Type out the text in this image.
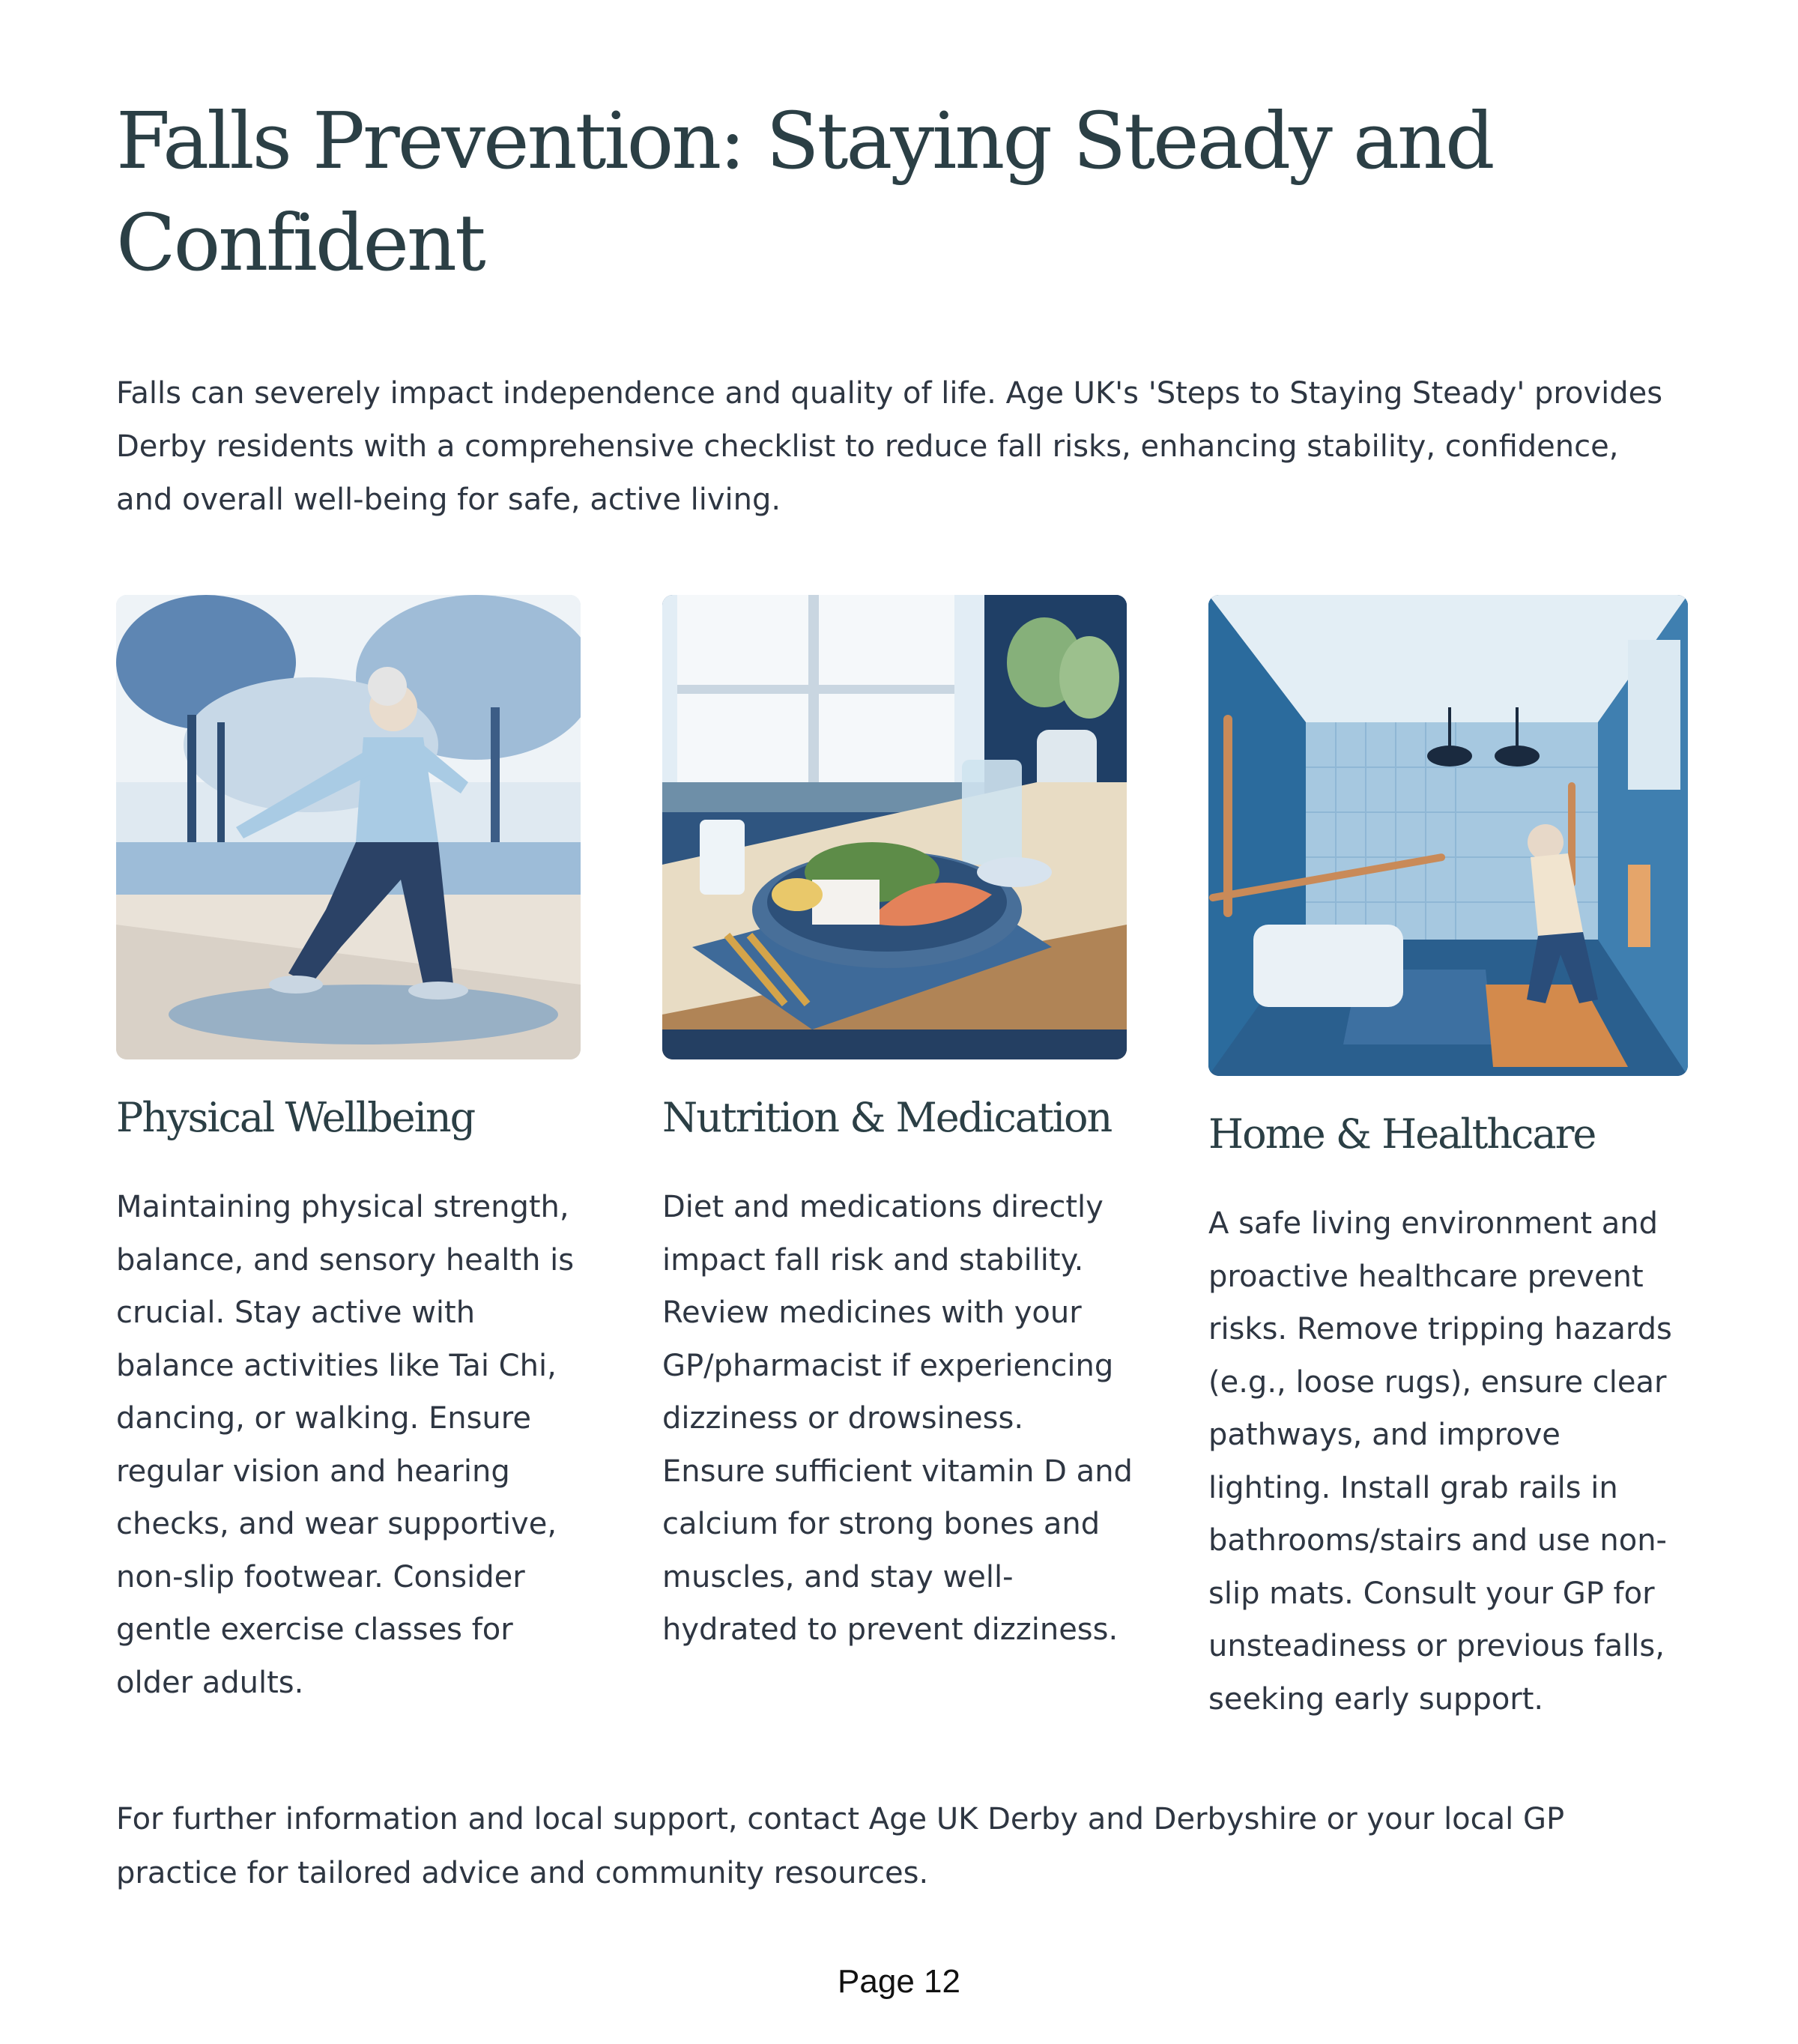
Falls Prevention: Staying Steady and Confident

Falls can severely impact independence and quality of life. Age UK's 'Steps to Staying Steady' provides Derby residents with a comprehensive checklist to reduce fall risks, enhancing stability, confidence, and overall well-being for safe, active living.

Physical Wellbeing

Maintaining physical strength, balance, and sensory health is crucial. Stay active with balance activities like Tai Chi, dancing, or walking. Ensure regular vision and hearing checks, and wear supportive, non-slip footwear. Consider gentle exercise classes for older adults.

Nutrition & Medication

Diet and medications directly impact fall risk and stability. Review medicines with your GP/pharmacist if experiencing dizziness or drowsiness. Ensure sufficient vitamin D and calcium for strong bones and muscles, and stay well-hydrated to prevent dizziness.

Home & Healthcare

A safe living environment and proactive healthcare prevent risks. Remove tripping hazards (e.g., loose rugs), ensure clear pathways, and improve lighting. Install grab rails in bathrooms/stairs and use non-slip mats. Consult your GP for unsteadiness or previous falls, seeking early support.

For further information and local support, contact Age UK Derby and Derbyshire or your local GP practice for tailored advice and community resources.

Page 12
